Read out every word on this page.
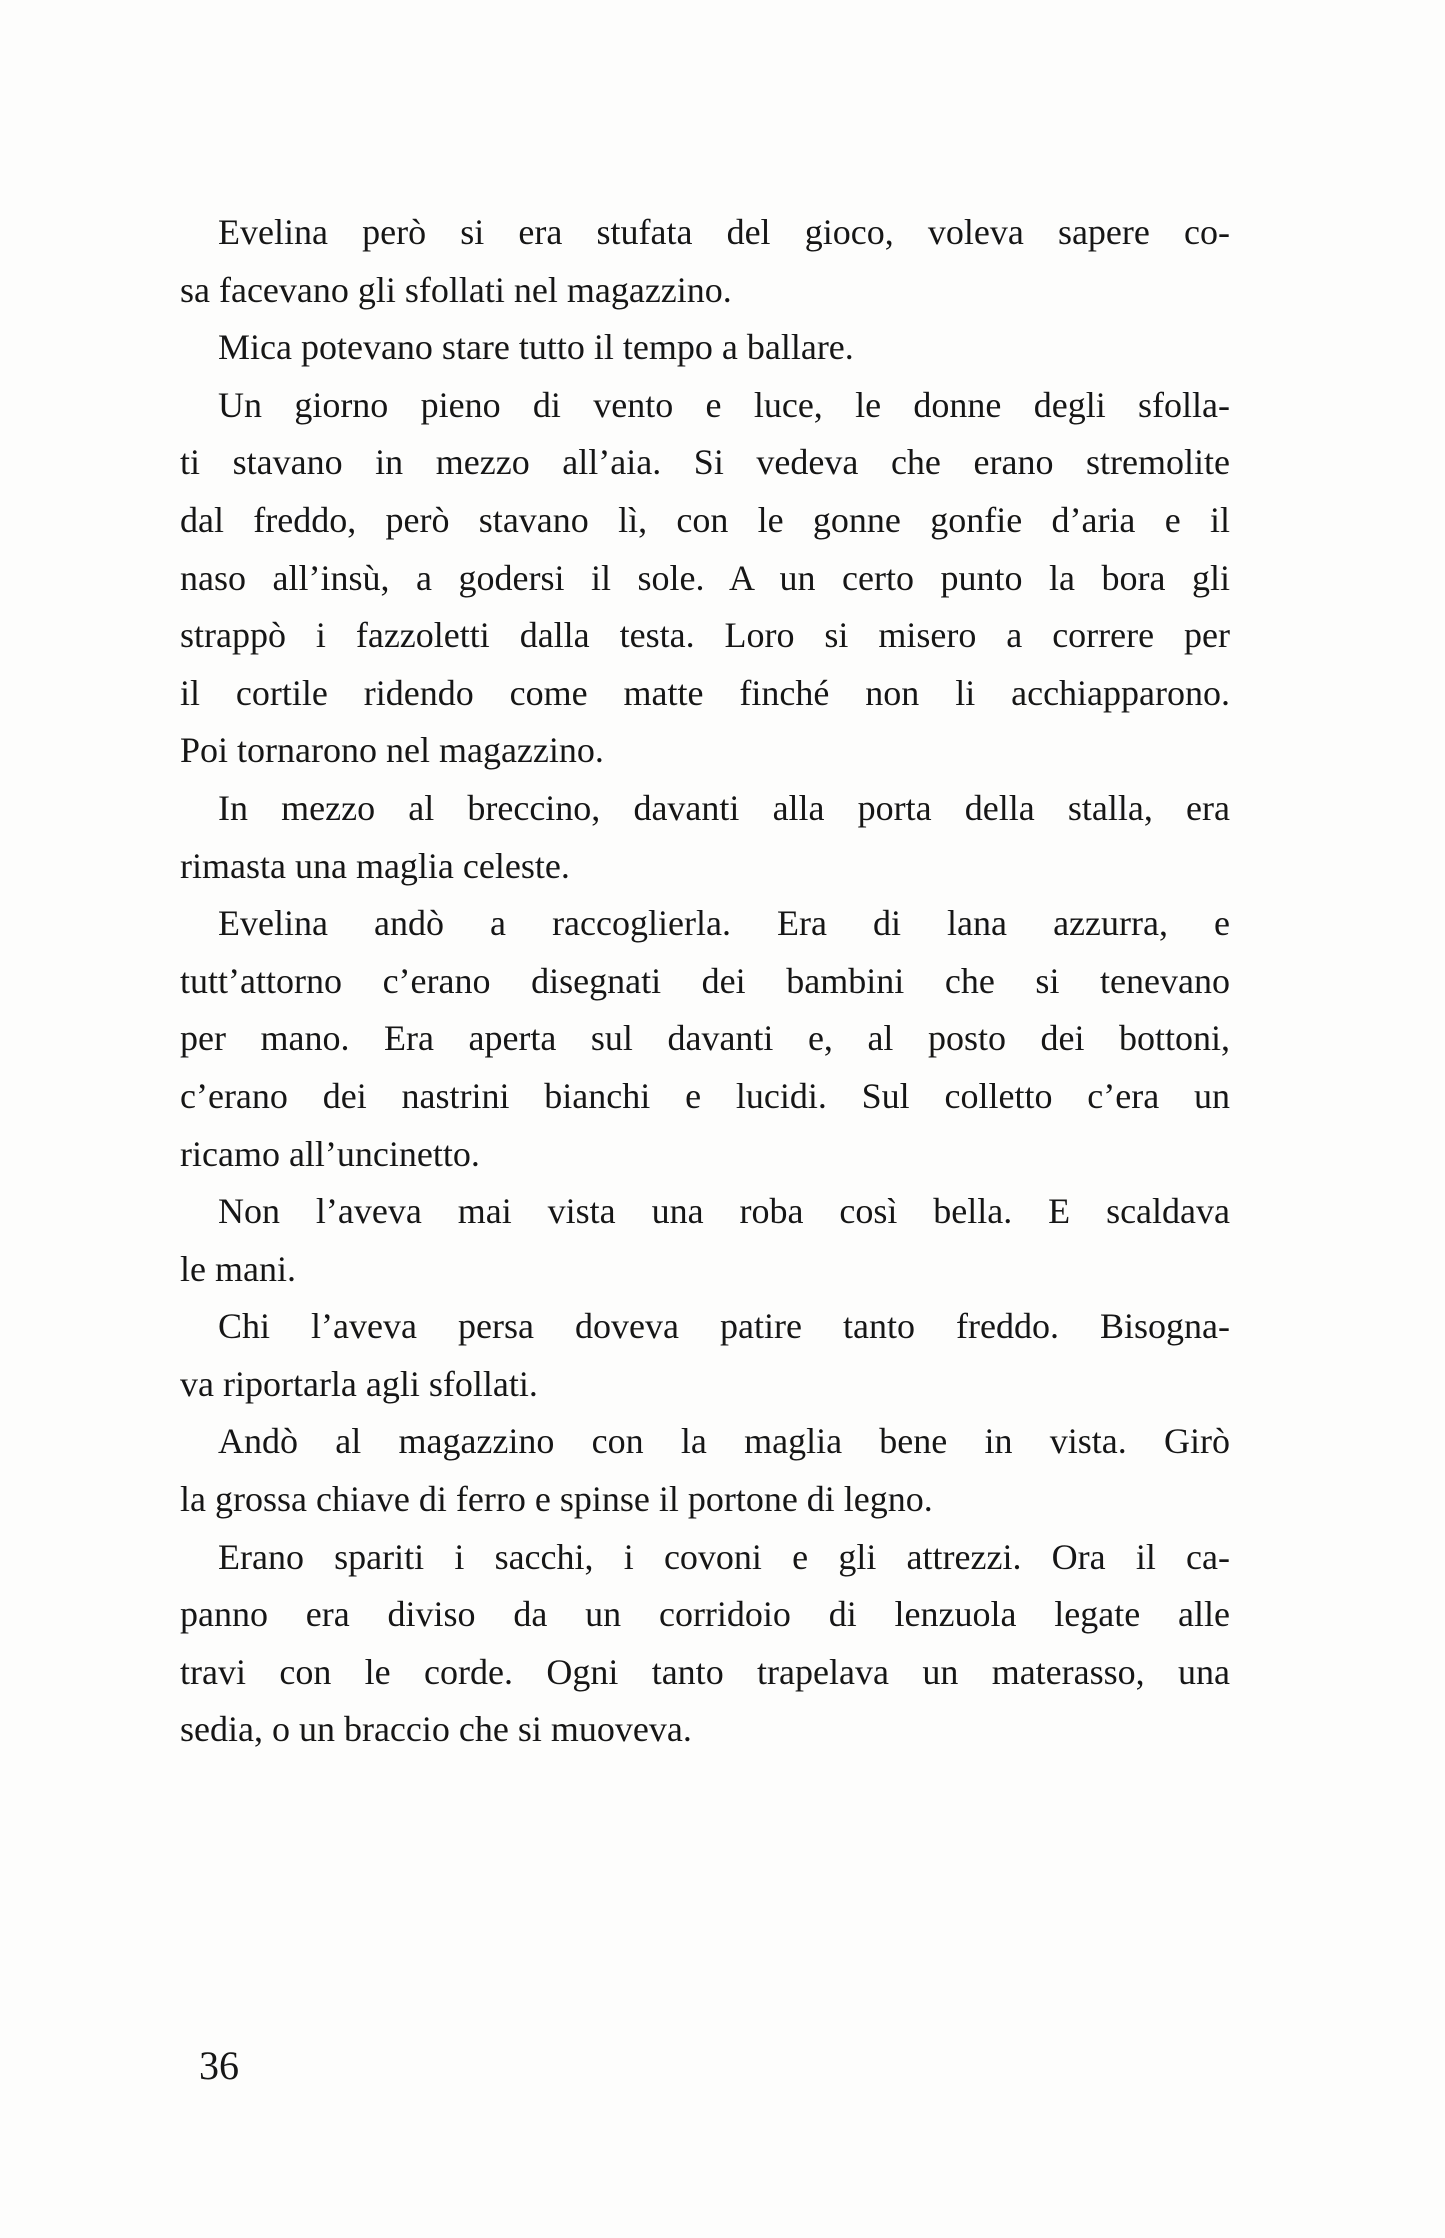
Evelina però si era stufata del gioco, voleva sapere co-
sa facevano gli sfollati nel magazzino.
Mica potevano stare tutto il tempo a ballare.
Un giorno pieno di vento e luce, le donne degli sfolla-
ti stavano in mezzo all’aia. Si vedeva che erano stremolite
dal freddo, però stavano lì, con le gonne gonfie d’aria e il
naso all’insù, a godersi il sole. A un certo punto la bora gli
strappò i fazzoletti dalla testa. Loro si misero a correre per
il cortile ridendo come matte finché non li acchiapparono.
Poi tornarono nel magazzino.
In mezzo al breccino, davanti alla porta della stalla, era
rimasta una maglia celeste.
Evelina andò a raccoglierla. Era di lana azzurra, e
tutt’attorno c’erano disegnati dei bambini che si tenevano
per mano. Era aperta sul davanti e, al posto dei bottoni,
c’erano dei nastrini bianchi e lucidi. Sul colletto c’era un
ricamo all’uncinetto.
Non l’aveva mai vista una roba così bella. E scaldava
le mani.
Chi l’aveva persa doveva patire tanto freddo. Bisogna-
va riportarla agli sfollati.
Andò al magazzino con la maglia bene in vista. Girò
la grossa chiave di ferro e spinse il portone di legno.
Erano spariti i sacchi, i covoni e gli attrezzi. Ora il ca-
panno era diviso da un corridoio di lenzuola legate alle
travi con le corde. Ogni tanto trapelava un materasso, una
sedia, o un braccio che si muoveva.
36
